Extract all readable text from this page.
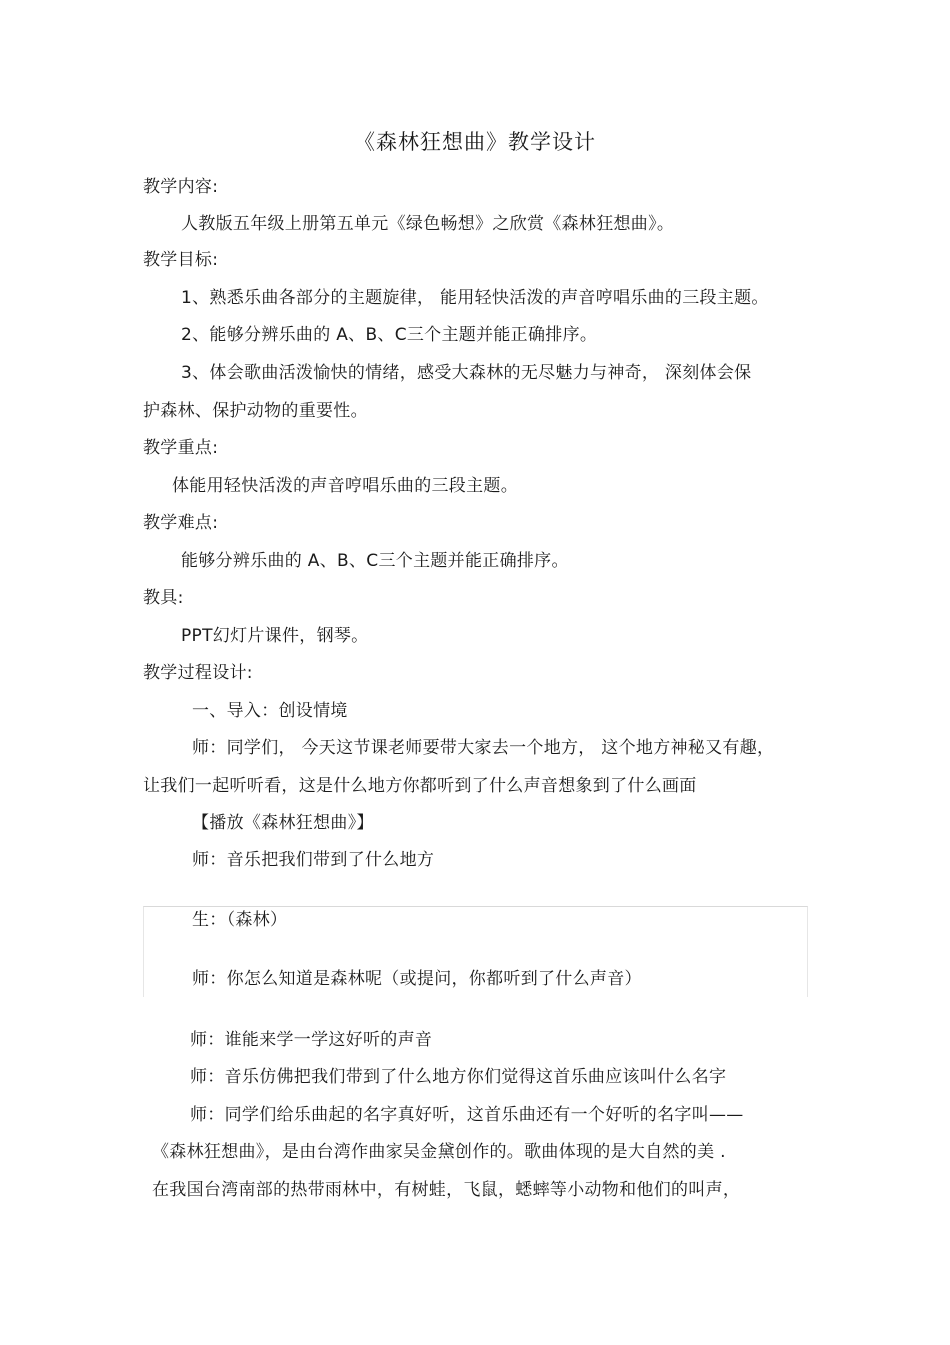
《森林狂想曲》教学设计
教学内容:
人教版五年级上册第五单元《绿色畅想》之欣赏《森林狂想曲》。
教学目标:
1、熟悉乐曲各部分的主题旋律， 能用轻快活泼的声音哼唱乐曲的三段主题。
2、能够分辨乐曲的 A、B、C三个主题并能正确排序。
3、体会歌曲活泼愉快的情绪，感受大森林的无尽魅力与神奇， 深刻体会保
护森林、保护动物的重要性。
教学重点:
体能用轻快活泼的声音哼唱乐曲的三段主题。
教学难点:
能够分辨乐曲的 A、B、C三个主题并能正确排序。
教具:
PPT幻灯片课件，钢琴。
教学过程设计:
一、导入：创设情境
师：同学们， 今天这节课老师要带大家去一个地方， 这个地方神秘又有趣，
让我们一起听听看，这是什么地方你都听到了什么声音想象到了什么画面
【播放《森林狂想曲》】
师：音乐把我们带到了什么地方
生：（森林）
师：你怎么知道是森林呢（或提问，你都听到了什么声音）
师：谁能来学一学这好听的声音
师：音乐仿佛把我们带到了什么地方你们觉得这首乐曲应该叫什么名字
师：同学们给乐曲起的名字真好听，这首乐曲还有一个好听的名字叫——
《森林狂想曲》，是由台湾作曲家吴金黛创作的。歌曲体现的是大自然的美 .
在我国台湾南部的热带雨林中，有树蛙，飞鼠，蟋蟀等小动物和他们的叫声，
